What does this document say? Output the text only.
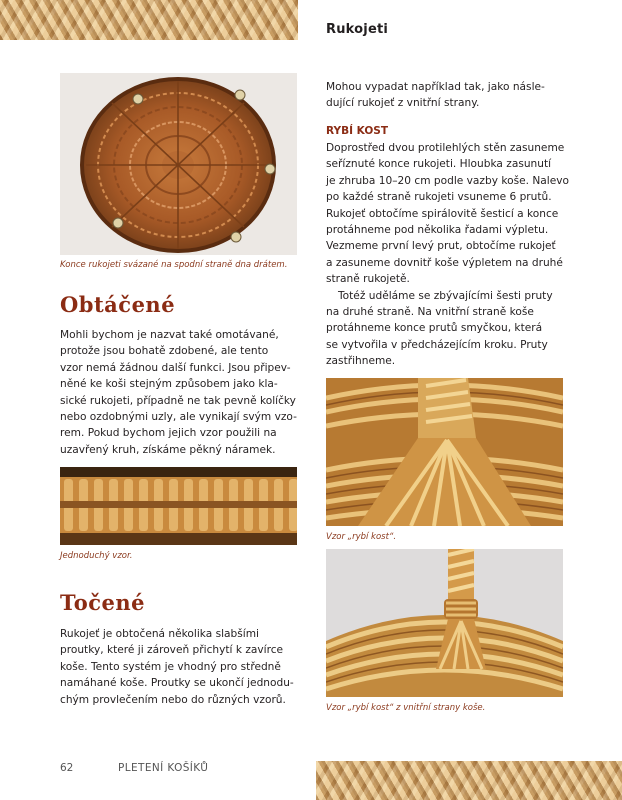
Rukojeti
Konce rukojeti svázané na spodní straně dna drátem.
Obtáčené
Mohli bychom je nazvat také omotávané,
protože jsou bohatě zdobené, ale tento
vzor nemá žádnou další funkci. Jsou připev-
něné ke koši stejným způsobem jako kla-
sické rukojeti, případně ne tak pevně kolíčky
nebo ozdobnými uzly, ale vynikají svým vzo-
rem. Pokud bychom jejich vzor použili na
uzavřený kruh, získáme pěkný náramek.
Jednoduchý vzor.
Točené
Rukojeť je obtočená několika slabšími
proutky, které ji zároveň přichytí k zavírce
koše. Tento systém je vhodný pro středně
namáhané koše. Proutky se ukončí jednodu-
chým provlečením nebo do různých vzorů.
Mohou vypadat například tak, jako násle-
dující rukojeť z vnitřní strany.
RYBÍ KOST
Doprostřed dvou protilehlých stěn zasuneme
seříznuté konce rukojeti. Hloubka zasunutí
je zhruba 10–20 cm podle vazby koše. Nalevo
po každé straně rukojeti vsuneme 6 prutů.
Rukojeť obtočíme spirálovitě šesticí a konce
protáhneme pod několika řadami výpletu.
Vezmeme první levý prut, obtočíme rukojeť
a zasuneme dovnitř koše výpletem na druhé
straně rukojetě.
Totéž uděláme se zbývajícími šesti pruty
na druhé straně. Na vnitřní straně koše
protáhneme konce prutů smyčkou, která
se vytvořila v předcházejícím kroku. Pruty
zastřihneme.
Vzor „rybí kost“.
Vzor „rybí kost“ z vnitřní strany koše.
62	PLETENÍ KOŠÍKŮ
